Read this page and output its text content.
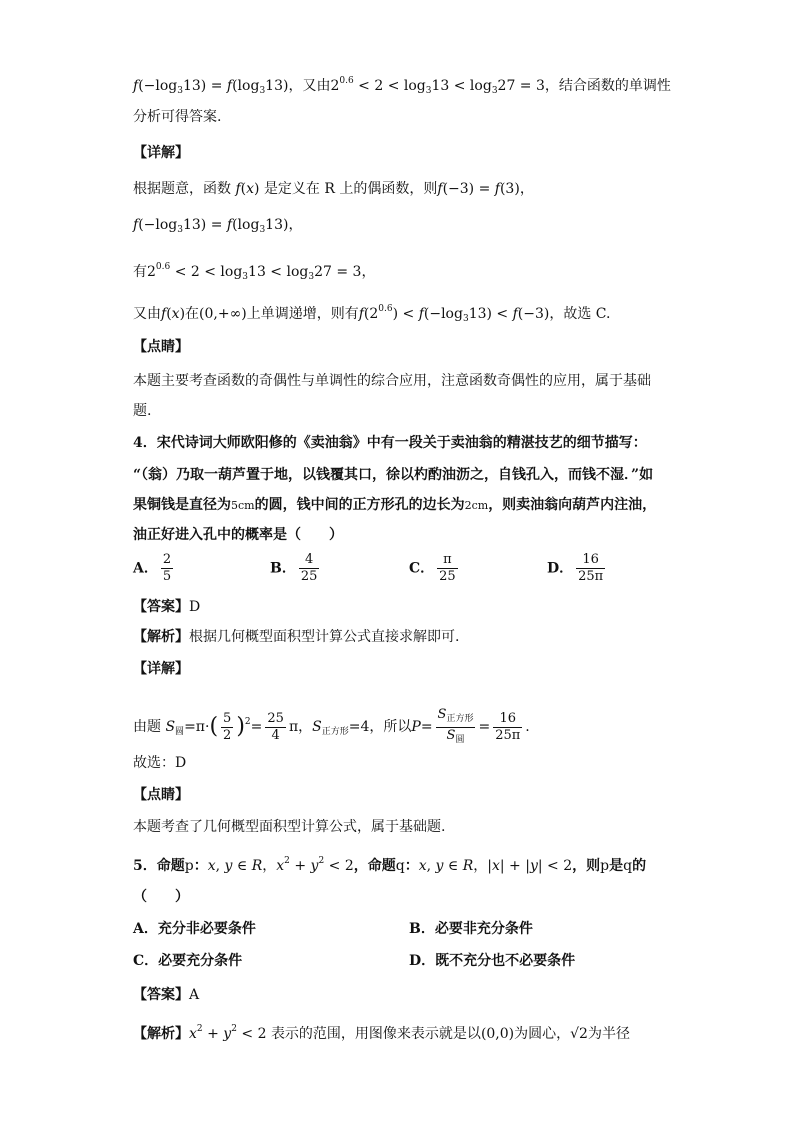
$f(-\log_313) = f(\log_313)$，又由$2^{0.6} < 2 < \log_313 < \log_327 = 3$，结合函数的单调性
分析可得答案.
【详解】
根据题意，函数 f(x) 是定义在 R 上的偶函数，则f(−3) = f(3)，
$f(-\log_313) = f(\log_313)$，
有$2^{0.6} < 2 < \log_313 < \log_327 = 3$，
又由f(x)在(0,+∞)上单调递增，则有$f(2^{0.6}) < f(-\log_313) < f(-3)$，故选 C.
【点睛】
本题主要考查函数的奇偶性与单调性的综合应用，注意函数奇偶性的应用，属于基础
题.
4．宋代诗词大师欧阳修的《卖油翁》中有一段关于卖油翁的精湛技艺的细节描写：
“（翁）乃取一葫芦置于地，以钱覆其口，徐以杓酌油沥之，自钱孔入，而钱不湿．”如
果铜钱是直径为5cm的圆，钱中间的正方形孔的边长为2cm，则卖油翁向葫芦内注油，
油正好进入孔中的概率是（　　）
A． $\frac{2}{5}$	B． $\frac{4}{25}$	C． $\frac{\pi}{25}$	D． $\frac{16}{25\pi}$
【答案】D
【解析】根据几何概型面积型计算公式直接求解即可.
【详解】
由题 $S_圆=\pi\cdot( \frac{5}{2} )^2= \frac{25}{4}$ π，$S_{正方形}=4$，所以$P= \frac{S_{正方形}}{S_圆} = \frac{16}{25\pi}$ .
故选：D
【点睛】
本题考查了几何概型面积型计算公式，属于基础题.
5．命题p：x, y ∈ R，$x^2 + y^2 < 2$，命题q：x, y ∈ R，|x| + |y| < 2，则p是q的
（　　）
A．充分非必要条件	B．必要非充分条件
C．必要充分条件	D．既不充分也不必要条件
【答案】A
【解析】$x^2 + y^2 < 2$ 表示的范围，用图像来表示就是以(0,0)为圆心，√2为半径
